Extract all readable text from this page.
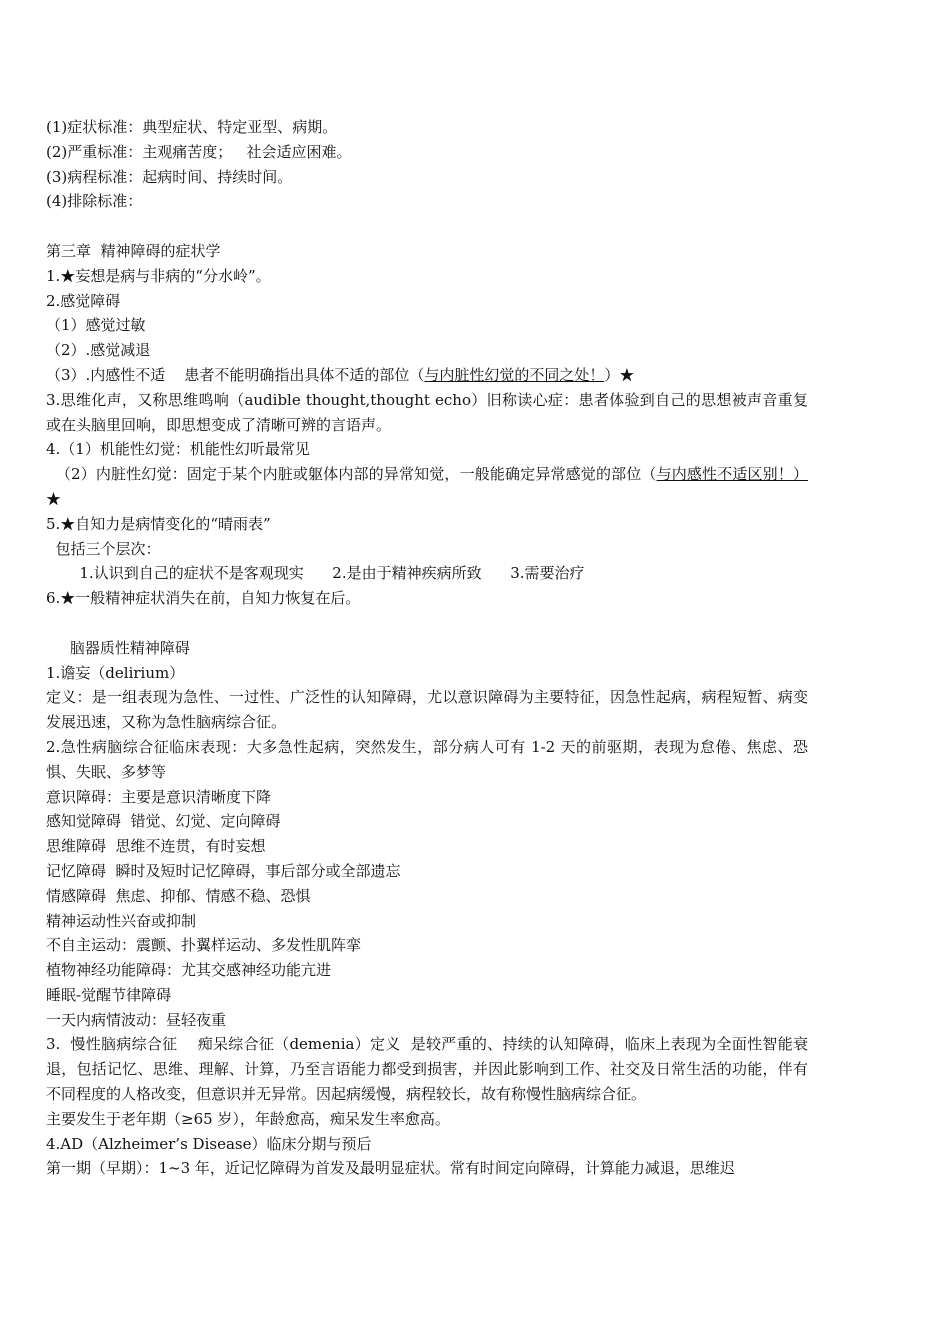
(1)症状标准：典型症状、特定亚型、病期。
(2)严重标准：主观痛苦度；   社会适应困难。
(3)病程标准：起病时间、持续时间。
(4)排除标准：
第三章  精神障碍的症状学
1.★妄想是病与非病的“分水岭”。
2.感觉障碍
（1）感觉过敏
（2）.感觉减退
（3）.内感性不适    患者不能明确指出具体不适的部位（与内脏性幻觉的不同之处！）★
3.思维化声，又称思维鸣响（audible thought,thought echo）旧称读心症：患者体验到自己的思想被声音重复或在头脑里回响，即思想变成了清晰可辨的言语声。
4.（1）机能性幻觉：机能性幻听最常见
（2）内脏性幻觉：固定于某个内脏或躯体内部的异常知觉，一般能确定异常感觉的部位（与内感性不适区别！）★
5.★自知力是病情变化的“晴雨表”
包括三个层次：
1.认识到自己的症状不是客观现实      2.是由于精神疾病所致      3.需要治疗
6.★一般精神症状消失在前，自知力恢复在后。
脑器质性精神障碍
1.谵妄（delirium）
定义：是一组表现为急性、一过性、广泛性的认知障碍，尤以意识障碍为主要特征，因急性起病，病程短暂、病变发展迅速，又称为急性脑病综合征。
2.急性病脑综合征临床表现：大多急性起病，突然发生，部分病人可有 1-2 天的前驱期，表现为怠倦、焦虑、恐惧、失眠、多梦等
意识障碍：主要是意识清晰度下降
感知觉障碍  错觉、幻觉、定向障碍
思维障碍  思维不连贯，有时妄想
记忆障碍  瞬时及短时记忆障碍，事后部分或全部遗忘
情感障碍  焦虑、抑郁、情感不稳、恐惧
精神运动性兴奋或抑制
不自主运动：震颤、扑翼样运动、多发性肌阵挛
植物神经功能障碍：尤其交感神经功能亢进
睡眠-觉醒节律障碍
一天内病情波动：昼轻夜重
3.  慢性脑病综合征    痴呆综合征（demenia）定义  是较严重的、持续的认知障碍，临床上表现为全面性智能衰退，包括记忆、思维、理解、计算，乃至言语能力都受到损害，并因此影响到工作、社交及日常生活的功能，伴有不同程度的人格改变，但意识并无异常。因起病缓慢，病程较长，故有称慢性脑病综合征。
主要发生于老年期（≥65 岁），年龄愈高，痴呆发生率愈高。
4.AD（Alzheimer’s Disease）临床分期与预后
第一期（早期）：1~3 年，近记忆障碍为首发及最明显症状。常有时间定向障碍，计算能力减退，思维迟
